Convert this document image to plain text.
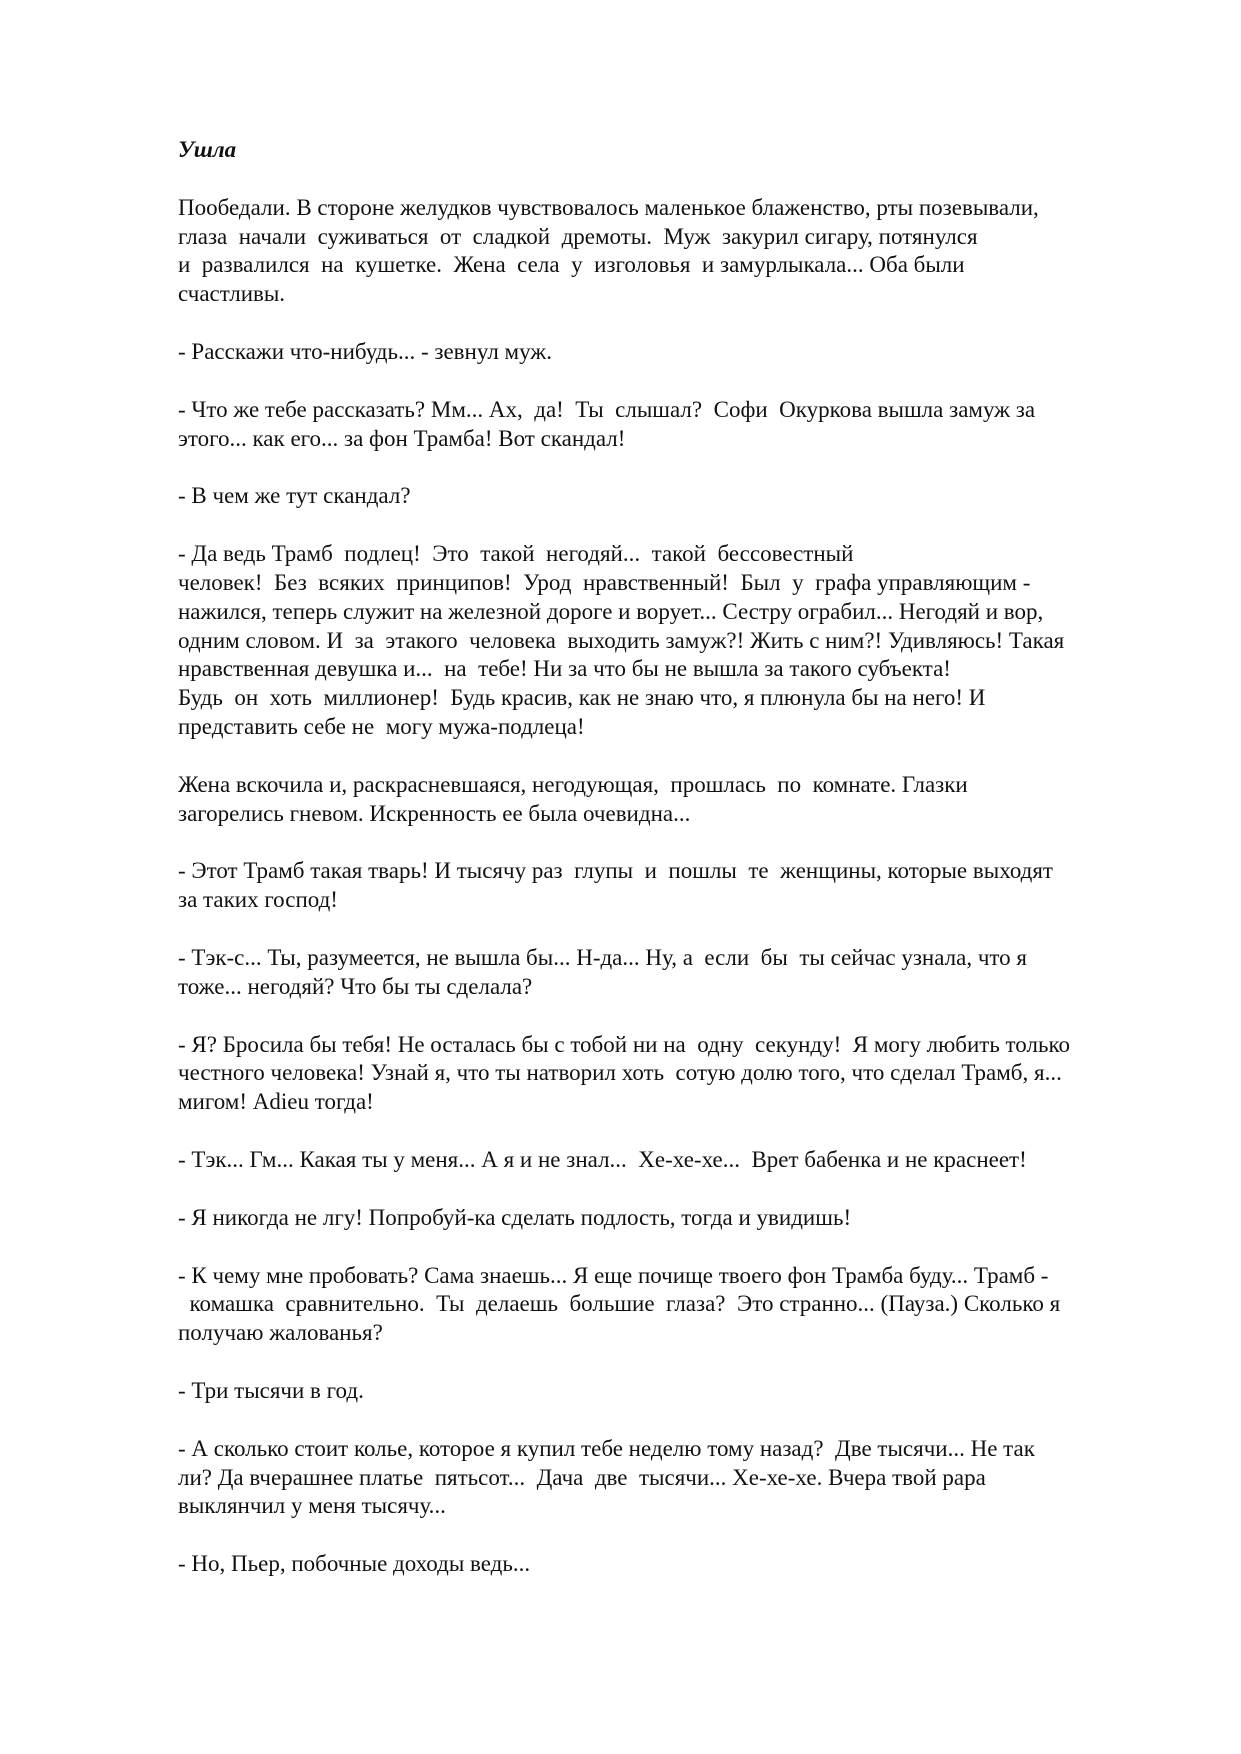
Ушла
Пообедали. В стороне желудков чувствовалось маленькое блаженство, рты позевывали,
глаза  начали  суживаться  от  сладкой  дремоты.  Муж  закурил сигару, потянулся
и  развалился  на  кушетке.  Жена  села  у  изголовья  и замурлыкала... Оба были
счастливы.
- Расскажи что-нибудь... - зевнул муж.
- Что же тебе рассказать? Мм... Ах,  да!  Ты  слышал?  Софи  Окуркова вышла замуж за
этого... как его... за фон Трамба! Вот скандал!
- В чем же тут скандал?
- Да ведь Трамб  подлец!  Это  такой  негодяй...  такой  бессовестный
человек!  Без  всяких  принципов!  Урод  нравственный!  Был  у  графа управляющим -
нажился, теперь служит на железной дороге и ворует... Сестру ограбил... Негодяй и вор,
одним словом. И  за  этакого  человека  выходить замуж?! Жить с ним?! Удивляюсь! Такая
нравственная девушка и...  на  тебе! Ни за что бы не вышла за такого субъекта!
Будь  он  хоть  миллионер!  Будь красив, как не знаю что, я плюнула бы на него! И
представить себе не  могу мужа-подлеца!
Жена вскочила и, раскрасневшаяся, негодующая,  прошлась  по  комнате. Глазки
загорелись гневом. Искренность ее была очевидна...
- Этот Трамб такая тварь! И тысячу раз  глупы  и  пошлы  те  женщины, которые выходят
за таких господ!
- Тэк-с... Ты, разумеется, не вышла бы... Н-да... Ну, а  если  бы  ты сейчас узнала, что я
тоже... негодяй? Что бы ты сделала?
- Я? Бросила бы тебя! Не осталась бы с тобой ни на  одну  секунду!  Я могу любить только
честного человека! Узнай я, что ты натворил хоть  сотую долю того, что сделал Трамб, я...
мигом! Adieu тогда!
- Тэк... Гм... Какая ты у меня... А я и не знал...  Хе-хе-хе...  Врет бабенка и не краснеет!
- Я никогда не лгу! Попробуй-ка сделать подлость, тогда и увидишь!
- К чему мне пробовать? Сама знаешь... Я еще почище твоего фон Трамба буду... Трамб -
комашка  сравнительно.  Ты  делаешь  большие  глаза?  Это странно... (Пауза.) Сколько я
получаю жалованья?
- Три тысячи в год.
- А сколько стоит колье, которое я купил тебе неделю тому назад?  Две тысячи... Не так
ли? Да вчерашнее платье  пятьсот...  Дача  две  тысячи... Хе-хе-хе. Вчера твой papa
выклянчил у меня тысячу...
- Но, Пьер, побочные доходы ведь...
